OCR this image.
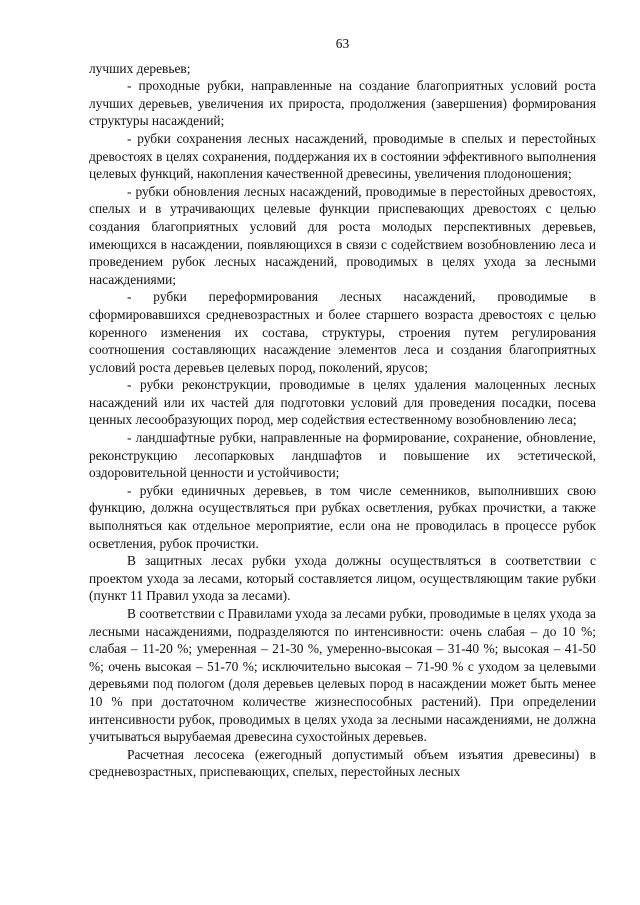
63

лучших деревьев;

- проходные рубки, направленные на создание благоприятных условий роста лучших деревьев, увеличения их прироста, продолжения (завершения) формирования структуры насаждений;

- рубки сохранения лесных насаждений, проводимые в спелых и перестойных древостоях в целях сохранения, поддержания их в состоянии эффективного выполнения целевых функций, накопления качественной древесины, увеличения плодоношения;

- рубки обновления лесных насаждений, проводимые в перестойных древостоях, спелых и в утрачивающих целевые функции приспевающих древостоях с целью создания благоприятных условий для роста молодых перспективных деревьев, имеющихся в насаждении, появляющихся в связи с содействием возобновлению леса и проведением рубок лесных насаждений, проводимых в целях ухода за лесными насаждениями;

- рубки переформирования лесных насаждений, проводимые в сформировавшихся средневозрастных и более старшего возраста древостоях с целью коренного изменения их состава, структуры, строения путем регулирования соотношения составляющих насаждение элементов леса и создания благоприятных условий роста деревьев целевых пород, поколений, ярусов;

- рубки реконструкции, проводимые в целях удаления малоценных лесных насаждений или их частей для подготовки условий для проведения посадки, посева ценных лесообразующих пород, мер содействия естественному возобновлению леса;

- ландшафтные рубки, направленные на формирование, сохранение, обновление, реконструкцию лесопарковых ландшафтов и повышение их эстетической, оздоровительной ценности и устойчивости;

- рубки единичных деревьев, в том числе семенников, выполнивших свою функцию, должна осуществляться при рубках осветления, рубках прочистки, а также выполняться как отдельное мероприятие, если она не проводилась в процессе рубок осветления, рубок прочистки.

В защитных лесах рубки ухода должны осуществляться в соответствии с проектом ухода за лесами, который составляется лицом, осуществляющим такие рубки (пункт 11 Правил ухода за лесами).

В соответствии с Правилами ухода за лесами рубки, проводимые в целях ухода за лесными насаждениями, подразделяются по интенсивности: очень слабая – до 10 %; слабая – 11-20 %; умеренная – 21-30 %, умеренно-высокая – 31-40 %; высокая – 41-50 %; очень высокая – 51-70 %; исключительно высокая – 71-90 % с уходом за целевыми деревьями под пологом (доля деревьев целевых пород в насаждении может быть менее 10 % при достаточном количестве жизнеспособных растений). При определении интенсивности рубок, проводимых в целях ухода за лесными насаждениями, не должна учитываться вырубаемая древесина сухостойных деревьев.

Расчетная лесосека (ежегодный допустимый объем изъятия древесины) в средневозрастных, приспевающих, спелых, перестойных лесных
